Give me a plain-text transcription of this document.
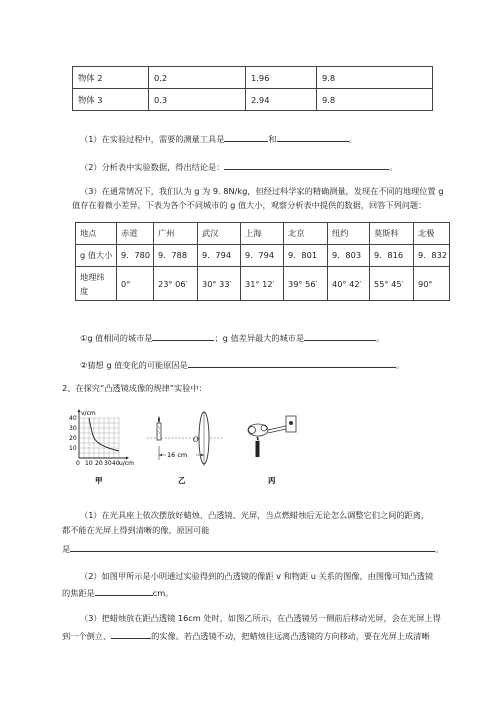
物体 2	0.2	1.96	9.8
物体 3	0.3	2.94	9.8
（1）在实验过程中，需要的测量工具是	和	。
（2）分析表中实验数据，得出结论是：	。
（3）在通常情况下，我们认为 g 为 9. 8N/kg，但经过科学家的精确测量，发现在不同的地理位置 g
值存在着微小差异，下表为各个不同城市的 g 值大小，观察分析表中提供的数据，回答下列问题：
地点	赤道	广州	武汉	上海	北京	纽约	莫斯科	北极
g 值大小	9．780	9．788	9．794	9．794	9．801	9．803	9．816	9．832
地理纬
度	0°	23° 06′	30° 33′	31° 12′	39° 56′	40° 42′	55° 45′	90°
①g 值相同的城市是	；g 值差异最大的城市是	。
②猜想 g 值变化的可能原因是	。
2、在探究“凸透镜成像的规律”实验中：
v/cm
u/cm
40
30
20
10
0 10 20 30 40
甲
O
16 cm
乙	丙
（1）在光具座上依次摆放好蜡烛、凸透镜、光屏，当点燃蜡烛后无论怎么调整它们之间的距离，
都不能在光屏上得到清晰的像，原因可能
是	。
（2）如图甲所示是小明通过实验得到的凸透镜的像距 v 和物距 u 关系的图像，由图像可知凸透镜
的焦距是	cm。
（3）把蜡烛放在距凸透镜 16cm 处时，如图乙所示，在凸透镜另一侧前后移动光屏，会在光屏上得
到一个倒立、	的实像。若凸透镜不动，把蜡烛往远离凸透镜的方向移动，要在光屏上成清晰
